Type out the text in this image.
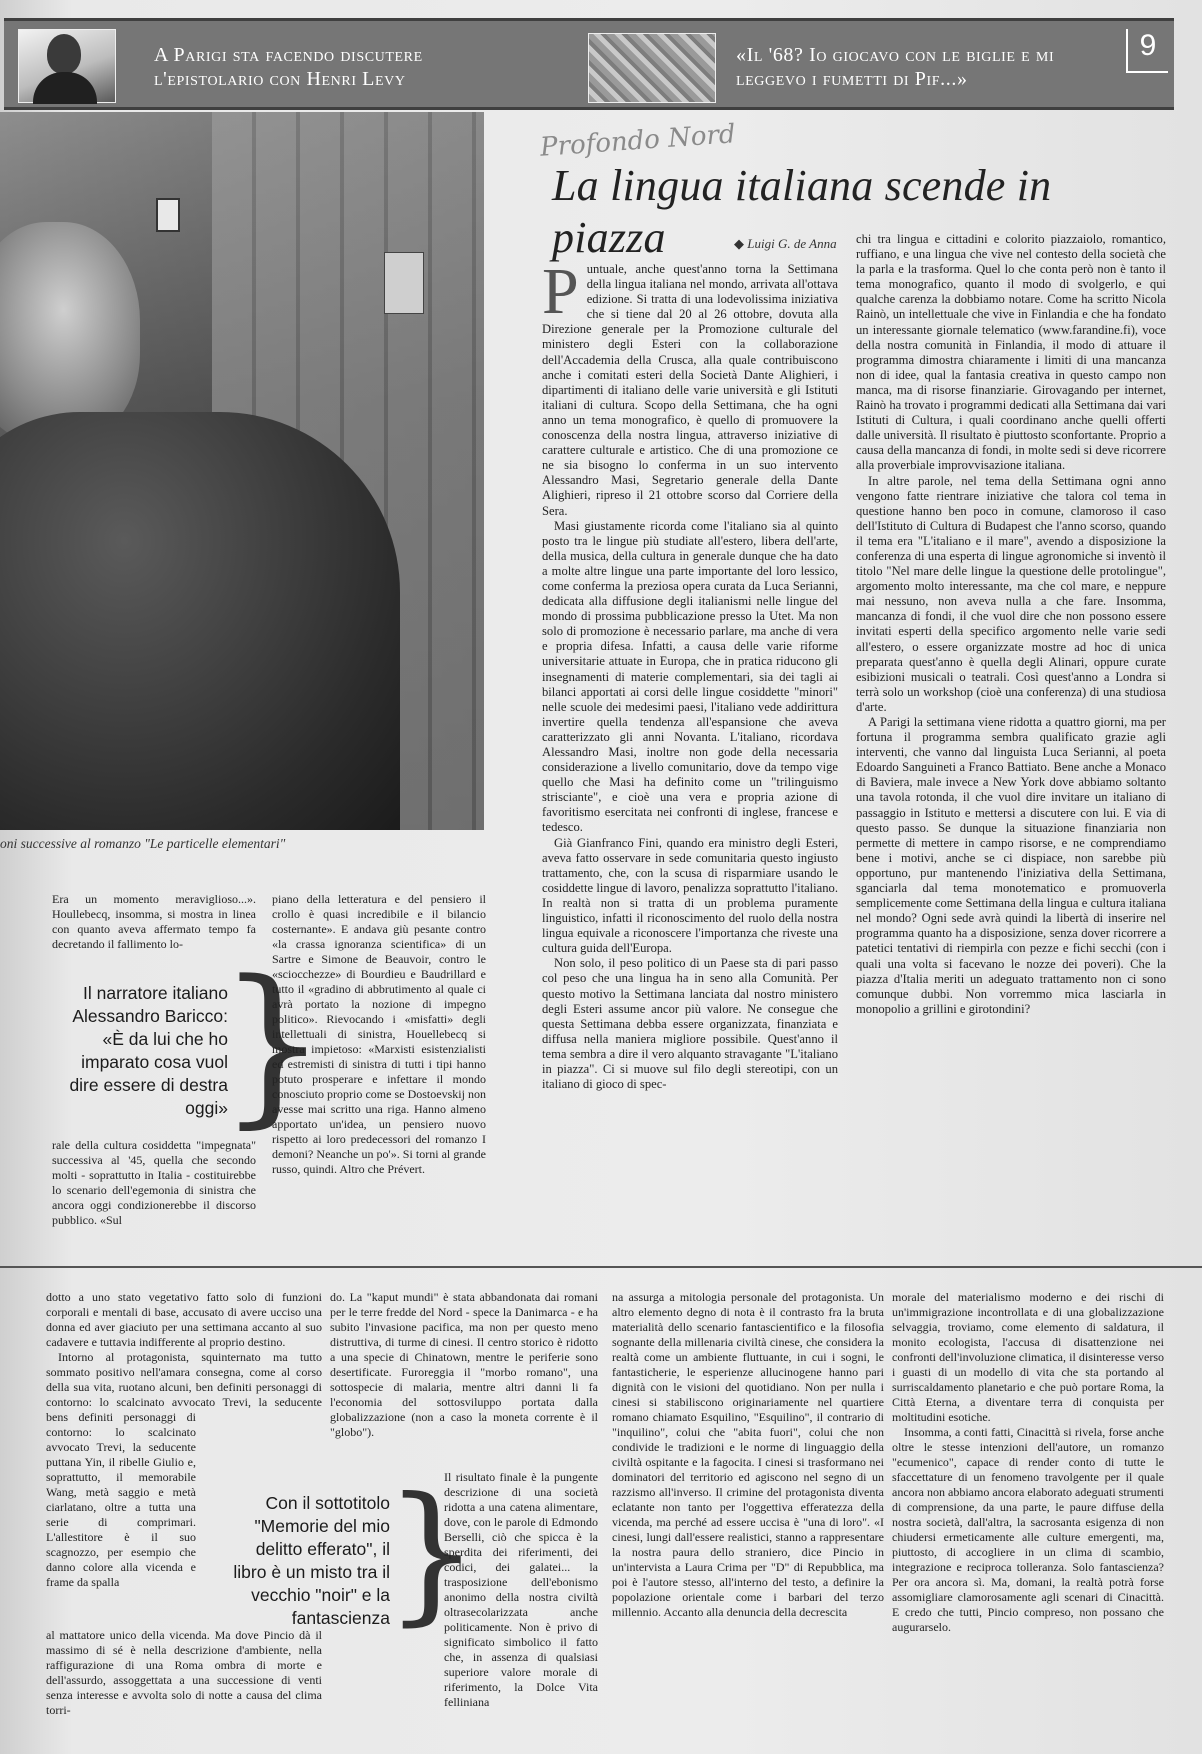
A Parigi sta facendo discutere l'epistolario con Henri Levy
«Il '68? Io giocavo con le biglie e mi leggevo i fumetti di Pif...»
9
oni successive al romanzo "Le particelle elementari"
Profondo Nord
La lingua italiana scende in piazza	◆ Luigi G. de Anna

Puntuale, anche quest'anno torna la Settimana della lingua italiana nel mondo, arrivata all'ottava edizione. Si tratta di una lodevolissima iniziativa che si tiene dal 20 al 26 ottobre, dovuta alla Direzione generale per la Promozione culturale del ministero degli Esteri con la collaborazione dell'Accademia della Crusca, alla quale contribuiscono anche i comitati esteri della Società Dante Alighieri, i dipartimenti di italiano delle varie università e gli Istituti italiani di cultura. Scopo della Settimana, che ha ogni anno un tema monografico, è quello di promuovere la conoscenza della nostra lingua, attraverso iniziative di carattere culturale e artistico. Che di una promozione ce ne sia bisogno lo conferma in un suo intervento Alessandro Masi, Segretario generale della Dante Alighieri, ripreso il 21 ottobre scorso dal Corriere della Sera.

Masi giustamente ricorda come l'italiano sia al quinto posto tra le lingue più studiate all'estero, libera dell'arte, della musica, della cultura in generale dunque che ha dato a molte altre lingue una parte importante del loro lessico, come conferma la preziosa opera curata da Luca Serianni, dedicata alla diffusione degli italianismi nelle lingue del mondo di prossima pubblicazione presso la Utet. Ma non solo di promozione è necessario parlare, ma anche di vera e propria difesa. Infatti, a causa delle varie riforme universitarie attuate in Europa, che in pratica riducono gli insegnamenti di materie complementari, sia dei tagli ai bilanci apportati ai corsi delle lingue cosiddette "minori" nelle scuole dei medesimi paesi, l'italiano vede addirittura invertire quella tendenza all'espansione che aveva caratterizzato gli anni Novanta. L'italiano, ricordava Alessandro Masi, inoltre non gode della necessaria considerazione a livello comunitario, dove da tempo vige quello che Masi ha definito come un "trilinguismo strisciante", e cioè una vera e propria azione di favoritismo esercitata nei confronti di inglese, francese e tedesco.

Già Gianfranco Fini, quando era ministro degli Esteri, aveva fatto osservare in sede comunitaria questo ingiusto trattamento, che, con la scusa di risparmiare usando le cosiddette lingue di lavoro, penalizza soprattutto l'italiano. In realtà non si tratta di un problema puramente linguistico, infatti il riconoscimento del ruolo della nostra lingua equivale a riconoscere l'importanza che riveste una cultura guida dell'Europa.

Non solo, il peso politico di un Paese sta di pari passo col peso che una lingua ha in seno alla Comunità. Per questo motivo la Settimana lanciata dal nostro ministero degli Esteri assume ancor più valore. Ne consegue che questa Settimana debba essere organizzata, finanziata e diffusa nella maniera migliore possibile. Quest'anno il tema sembra a dire il vero alquanto stravagante "L'italiano in piazza". Ci si muove sul filo degli stereotipi, con un italiano di gioco di spec-

chi tra lingua e cittadini e colorito piazzaiolo, romantico, ruffiano, e una lingua che vive nel contesto della società che la parla e la trasforma. Quel lo che conta però non è tanto il tema monografico, quanto il modo di svolgerlo, e qui qualche carenza la dobbiamo notare. Come ha scritto Nicola Rainò, un intellettuale che vive in Finlandia e che ha fondato un interessante giornale telematico (www.farandine.fi), voce della nostra comunità in Finlandia, il modo di attuare il programma dimostra chiaramente i limiti di una mancanza non di idee, qual la fantasia creativa in questo campo non manca, ma di risorse finanziarie. Girovagando per internet, Rainò ha trovato i programmi dedicati alla Settimana dai vari Istituti di Cultura, i quali coordinano anche quelli offerti dalle università. Il risultato è piuttosto sconfortante. Proprio a causa della mancanza di fondi, in molte sedi si deve ricorrere alla proverbiale improvvisazione italiana.

In altre parole, nel tema della Settimana ogni anno vengono fatte rientrare iniziative che talora col tema in questione hanno ben poco in comune, clamoroso il caso dell'Istituto di Cultura di Budapest che l'anno scorso, quando il tema era "L'italiano e il mare", avendo a disposizione la conferenza di una esperta di lingue agronomiche si inventò il titolo "Nel mare delle lingue la questione delle protolingue", argomento molto interessante, ma che col mare, e neppure mai nessuno, non aveva nulla a che fare. Insomma, mancanza di fondi, il che vuol dire che non possono essere invitati esperti della specifico argomento nelle varie sedi all'estero, o essere organizzate mostre ad hoc di unica preparata quest'anno è quella degli Alinari, oppure curate esibizioni musicali o teatrali. Così quest'anno a Londra si terrà solo un workshop (cioè una conferenza) di una studiosa d'arte.

A Parigi la settimana viene ridotta a quattro giorni, ma per fortuna il programma sembra qualificato grazie agli interventi, che vanno dal linguista Luca Serianni, al poeta Edoardo Sanguineti a Franco Battiato. Bene anche a Monaco di Baviera, male invece a New York dove abbiamo soltanto una tavola rotonda, il che vuol dire invitare un italiano di passaggio in Istituto e mettersi a discutere con lui. E via di questo passo. Se dunque la situazione finanziaria non permette di mettere in campo risorse, e ne comprendiamo bene i motivi, anche se ci dispiace, non sarebbe più opportuno, pur mantenendo l'iniziativa della Settimana, sganciarla dal tema monotematico e promuoverla semplicemente come Settimana della lingua e cultura italiana nel mondo? Ogni sede avrà quindi la libertà di inserire nel programma quanto ha a disposizione, senza dover ricorrere a patetici tentativi di riempirla con pezze e fichi secchi (con i quali una volta si facevano le nozze dei poveri). Che la piazza d'Italia meriti un adeguato trattamento non ci sono comunque dubbi. Non vorremmo mica lasciarla in monopolio a grillini e girotondini?

Era un momento meraviglioso...». Houllebecq, insomma, si mostra in linea con quanto aveva affermato tempo fa decretando il fallimento lo-

Il narratore italiano Alessandro Baricco: «È da lui che ho imparato cosa vuol dire essere di destra oggi»
}

rale della cultura cosiddetta "impegnata" successiva al '45, quella che secondo molti - soprattutto in Italia - costituirebbe lo scenario dell'egemonia di sinistra che ancora oggi condizionerebbe il discorso pubblico. «Sul

piano della letteratura e del pensiero il crollo è quasi incredibile e il bilancio costernante». E andava giù pesante contro «la crassa ignoranza scientifica» di un Sartre e Simone de Beauvoir, contro le «sciocchezze» di Bourdieu e Baudrillard e tutto il «gradino di abbrutimento al quale ci avrà portato la nozione di impegno politico». Rievocando i «misfatti» degli intellettuali di sinistra, Houellebecq si mostra impietoso: «Marxisti esistenzialisti ed estremisti di sinistra di tutti i tipi hanno potuto prosperare e infettare il mondo conosciuto proprio come se Dostoevskij non avesse mai scritto una riga. Hanno almeno apportato un'idea, un pensiero nuovo rispetto ai loro predecessori del romanzo I demoni? Neanche un po'». Si torni al grande russo, quindi. Altro che Prévert.

dotto a uno stato vegetativo fatto solo di funzioni corporali e mentali di base, accusato di avere ucciso una donna ed aver giaciuto per una settimana accanto al suo cadavere e tuttavia indifferente al proprio destino.

Intorno al protagonista, squinternato ma tutto sommato positivo nell'amara consegna, come al corso della sua vita, ruotano alcuni, ben definiti personaggi di contorno: lo scalcinato avvocato Trevi, la seducente

bens definiti personaggi di contorno: lo scalcinato avvocato Trevi, la seducente puttana Yin, il ribelle Giulio e, soprattutto, il memorabile Wang, metà saggio e metà ciarlatano, oltre a tutta una serie di comprimari. L'allestitore è il suo scagnozzo, per esempio che danno colore alla vicenda e frame da spalla

al mattatore unico della vicenda. Ma dove Pincio dà il massimo di sé è nella descrizione d'ambiente, nella raffigurazione di una Roma ombra di morte e dell'assurdo, assoggettata a una successione di venti senza interesse e avvolta solo di notte a causa del clima torri-

Con il sottotitolo "Memorie del mio delitto efferato", il libro è un misto tra il vecchio "noir" e la fantascienza
}

do. La "kaput mundi" è stata abbandonata dai romani per le terre fredde del Nord - spece la Danimarca - e ha subito l'invasione pacifica, ma non per questo meno distruttiva, di turme di cinesi. Il centro storico è ridotto a una specie di Chinatown, mentre le periferie sono desertificate. Furoreggia il "morbo romano", una sottospecie di malaria, mentre altri danni li fa l'economia del sottosviluppo portata dalla globalizzazione (non a caso la moneta corrente è il "globo").

Il risultato finale è la pungente descrizione di una società ridotta a una catena alimentare, dove, con le parole di Edmondo Berselli, ciò che spicca è la sperdita dei riferimenti, dei codici, dei galatei... la trasposizione dell'ebonismo anonimo della nostra civiltà oltrasecolarizzata anche politicamente. Non è privo di significato simbolico il fatto che, in assenza di qualsiasi superiore valore morale di riferimento, la Dolce Vita felliniana

na assurga a mitologia personale del protagonista. Un altro elemento degno di nota è il contrasto fra la bruta materialità dello scenario fantascientifico e la filosofia sognante della millenaria civiltà cinese, che considera la realtà come un ambiente fluttuante, in cui i sogni, le fantasticherie, le esperienze allucinogene hanno pari dignità con le visioni del quotidiano. Non per nulla i cinesi si stabiliscono originariamente nel quartiere romano chiamato Esquilino, "Esquilino", il contrario di "inquilino", colui che "abita fuori", colui che non condivide le tradizioni e le norme di linguaggio della civiltà ospitante e la fagocita. I cinesi si trasformano nei dominatori del territorio ed agiscono nel segno di un razzismo all'inverso. Il crimine del protagonista diventa eclatante non tanto per l'oggettiva efferatezza della vicenda, ma perché ad essere uccisa è "una di loro". «I cinesi, lungi dall'essere realistici, stanno a rappresentare la nostra paura dello straniero, dice Pincio in un'intervista a Laura Crima per "D" di Repubblica, ma poi è l'autore stesso, all'interno del testo, a definire la popolazione orientale come i barbari del terzo millennio. Accanto alla denuncia della decrescita

morale del materialismo moderno e dei rischi di un'immigrazione incontrollata e di una globalizzazione selvaggia, troviamo, come elemento di saldatura, il monito ecologista, l'accusa di disattenzione nei confronti dell'involuzione climatica, il disinteresse verso i guasti di un modello di vita che sta portando al surriscaldamento planetario e che può portare Roma, la Città Eterna, a diventare terra di conquista per moltitudini esotiche.

Insomma, a conti fatti, Cinacittà si rivela, forse anche oltre le stesse intenzioni dell'autore, un romanzo "ecumenico", capace di render conto di tutte le sfaccettature di un fenomeno travolgente per il quale ancora non abbiamo ancora elaborato adeguati strumenti di comprensione, da una parte, le paure diffuse della nostra società, dall'altra, la sacrosanta esigenza di non chiudersi ermeticamente alle culture emergenti, ma, piuttosto, di accogliere in un clima di scambio, integrazione e reciproca tolleranza. Solo fantascienza? Per ora ancora sì. Ma, domani, la realtà potrà forse assomigliare clamorosamente agli scenari di Cinacittà. E credo che tutti, Pincio compreso, non possano che augurarselo.
